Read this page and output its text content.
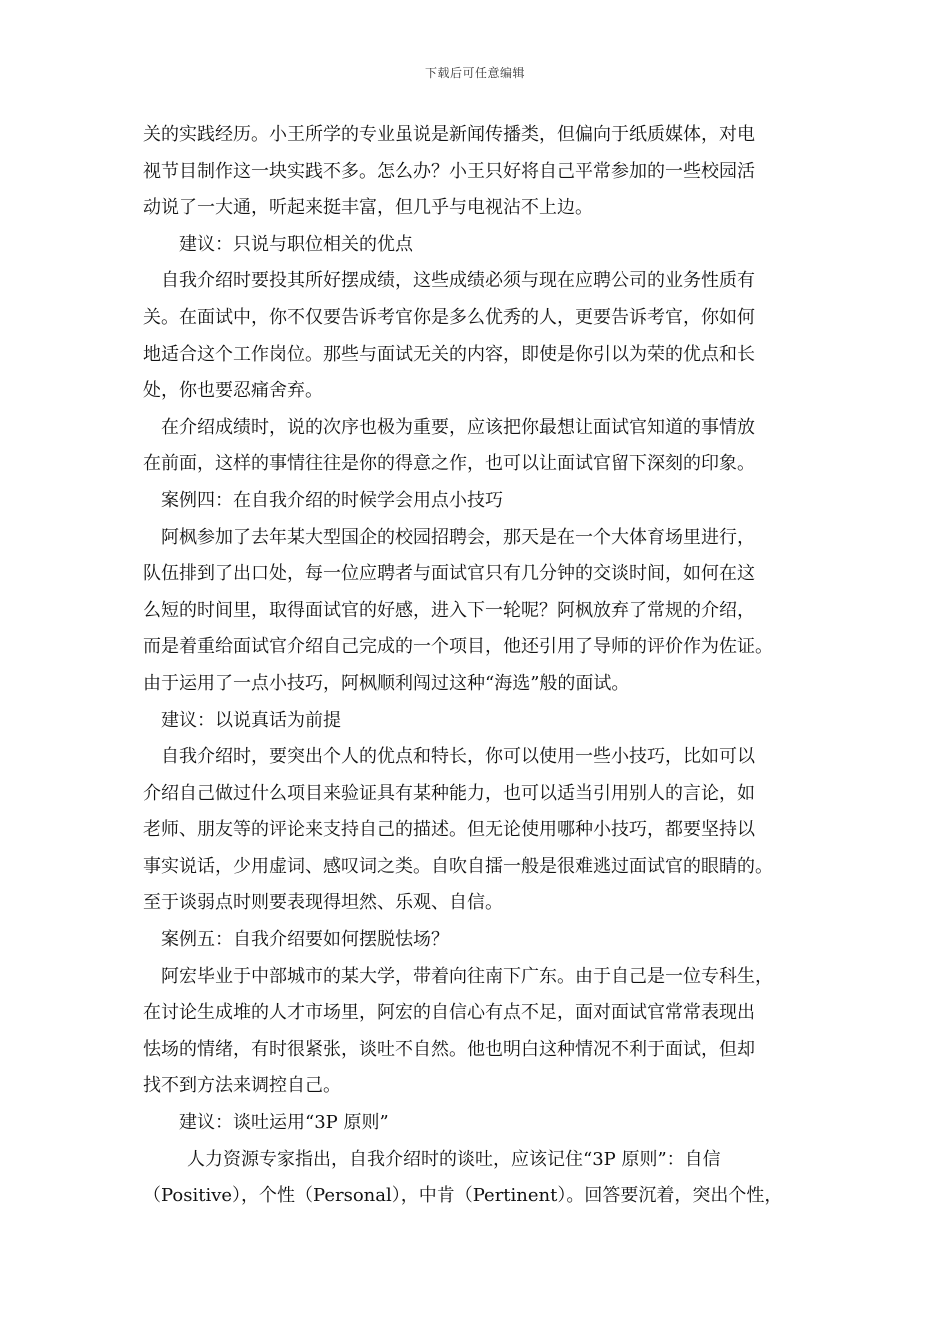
下载后可任意编辑

关的实践经历。小王所学的专业虽说是新闻传播类，但偏向于纸质媒体，对电
视节目制作这一块实践不多。怎么办？小王只好将自己平常参加的一些校园活
动说了一大通，听起来挺丰富，但几乎与电视沾不上边。

建议：只说与职位相关的优点

自我介绍时要投其所好摆成绩，这些成绩必须与现在应聘公司的业务性质有
关。在面试中，你不仅要告诉考官你是多么优秀的人，更要告诉考官，你如何
地适合这个工作岗位。那些与面试无关的内容，即使是你引以为荣的优点和长
处，你也要忍痛舍弃。

在介绍成绩时，说的次序也极为重要，应该把你最想让面试官知道的事情放
在前面，这样的事情往往是你的得意之作，也可以让面试官留下深刻的印象。

案例四：在自我介绍的时候学会用点小技巧

阿枫参加了去年某大型国企的校园招聘会，那天是在一个大体育场里进行，
队伍排到了出口处，每一位应聘者与面试官只有几分钟的交谈时间，如何在这
么短的时间里，取得面试官的好感，进入下一轮呢？阿枫放弃了常规的介绍，
而是着重给面试官介绍自己完成的一个项目，他还引用了导师的评价作为佐证。
由于运用了一点小技巧，阿枫顺利闯过这种“海选”般的面试。

建议：以说真话为前提

自我介绍时，要突出个人的优点和特长，你可以使用一些小技巧，比如可以
介绍自己做过什么项目来验证具有某种能力，也可以适当引用别人的言论，如
老师、朋友等的评论来支持自己的描述。但无论使用哪种小技巧，都要坚持以
事实说话，少用虚词、感叹词之类。自吹自擂一般是很难逃过面试官的眼睛的。
至于谈弱点时则要表现得坦然、乐观、自信。

案例五：自我介绍要如何摆脱怯场？

阿宏毕业于中部城市的某大学，带着向往南下广东。由于自己是一位专科生，
在讨论生成堆的人才市场里，阿宏的自信心有点不足，面对面试官常常表现出
怯场的情绪，有时很紧张，谈吐不自然。他也明白这种情况不利于面试，但却
找不到方法来调控自己。

建议：谈吐运用“3P 原则”

人力资源专家指出，自我介绍时的谈吐，应该记住“3P 原则”：自信
（Positive），个性（Personal），中肯（Pertinent）。回答要沉着，突出个性，
